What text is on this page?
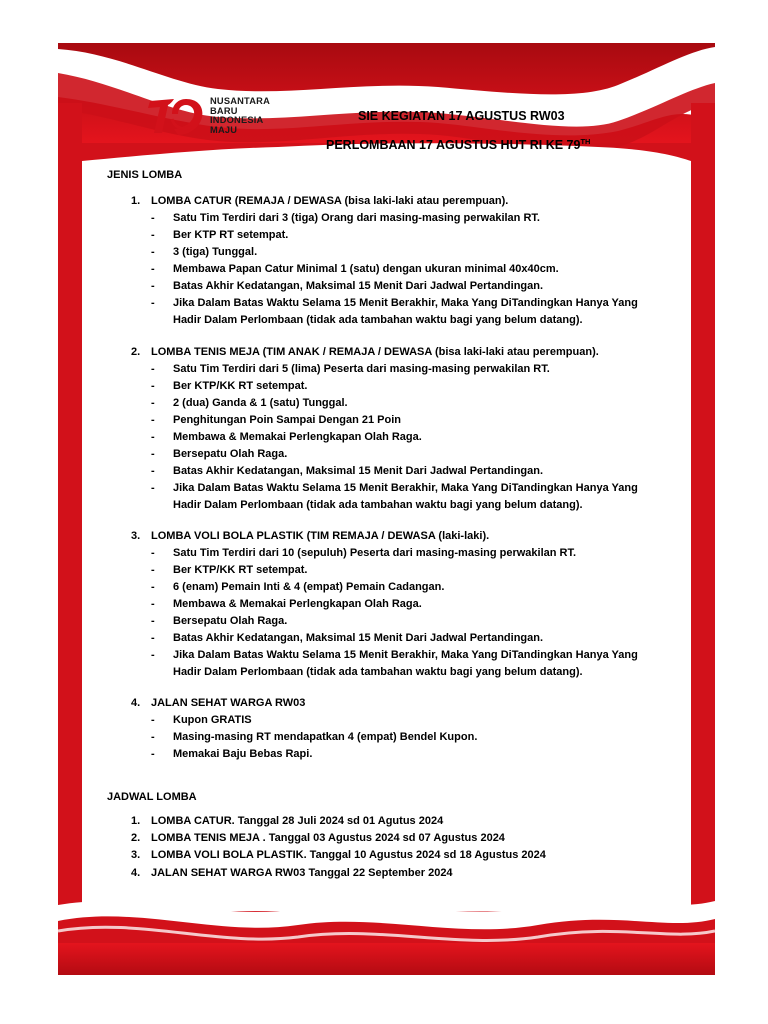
NUSANTARA
BARU
INDONESIA
MAJU
SIE KEGIATAN 17 AGUSTUS RW03
PERLOMBAAN 17 AGUSTUS HUT RI KE 79TH
JENIS LOMBA
1. LOMBA CATUR (REMAJA / DEWASA (bisa laki-laki atau perempuan).
- Satu Tim Terdiri dari 3 (tiga) Orang dari masing-masing perwakilan RT.
- Ber KTP RT setempat.
- 3 (tiga) Tunggal.
- Membawa Papan Catur Minimal 1 (satu) dengan ukuran minimal 40x40cm.
- Batas Akhir Kedatangan, Maksimal 15 Menit Dari Jadwal Pertandingan.
- Jika Dalam Batas Waktu Selama 15 Menit Berakhir, Maka Yang DiTandingkan Hanya Yang
Hadir Dalam Perlombaan (tidak ada tambahan waktu bagi yang belum datang).
2. LOMBA TENIS MEJA (TIM ANAK / REMAJA / DEWASA (bisa laki-laki atau perempuan).
- Satu Tim Terdiri dari 5 (lima) Peserta dari masing-masing perwakilan RT.
- Ber KTP/KK RT setempat.
- 2 (dua) Ganda & 1 (satu) Tunggal.
- Penghitungan Poin Sampai Dengan 21 Poin
- Membawa & Memakai Perlengkapan Olah Raga.
- Bersepatu Olah Raga.
- Batas Akhir Kedatangan, Maksimal 15 Menit Dari Jadwal Pertandingan.
- Jika Dalam Batas Waktu Selama 15 Menit Berakhir, Maka Yang DiTandingkan Hanya Yang
Hadir Dalam Perlombaan (tidak ada tambahan waktu bagi yang belum datang).
3. LOMBA VOLI BOLA PLASTIK (TIM REMAJA / DEWASA (laki-laki).
- Satu Tim Terdiri dari 10 (sepuluh) Peserta dari masing-masing perwakilan RT.
- Ber KTP/KK RT setempat.
- 6 (enam) Pemain Inti & 4 (empat) Pemain Cadangan.
- Membawa & Memakai Perlengkapan Olah Raga.
- Bersepatu Olah Raga.
- Batas Akhir Kedatangan, Maksimal 15 Menit Dari Jadwal Pertandingan.
- Jika Dalam Batas Waktu Selama 15 Menit Berakhir, Maka Yang DiTandingkan Hanya Yang
Hadir Dalam Perlombaan (tidak ada tambahan waktu bagi yang belum datang).
4. JALAN SEHAT WARGA RW03
- Kupon GRATIS
- Masing-masing RT mendapatkan 4 (empat) Bendel Kupon.
- Memakai Baju Bebas Rapi.
JADWAL LOMBA
1. LOMBA CATUR. Tanggal 28 Juli 2024 sd 01 Agutus 2024
2. LOMBA TENIS MEJA . Tanggal 03 Agustus 2024 sd 07 Agustus 2024
3. LOMBA VOLI BOLA PLASTIK. Tanggal 10 Agustus 2024 sd 18 Agustus 2024
4. JALAN SEHAT WARGA RW03 Tanggal 22 September 2024
